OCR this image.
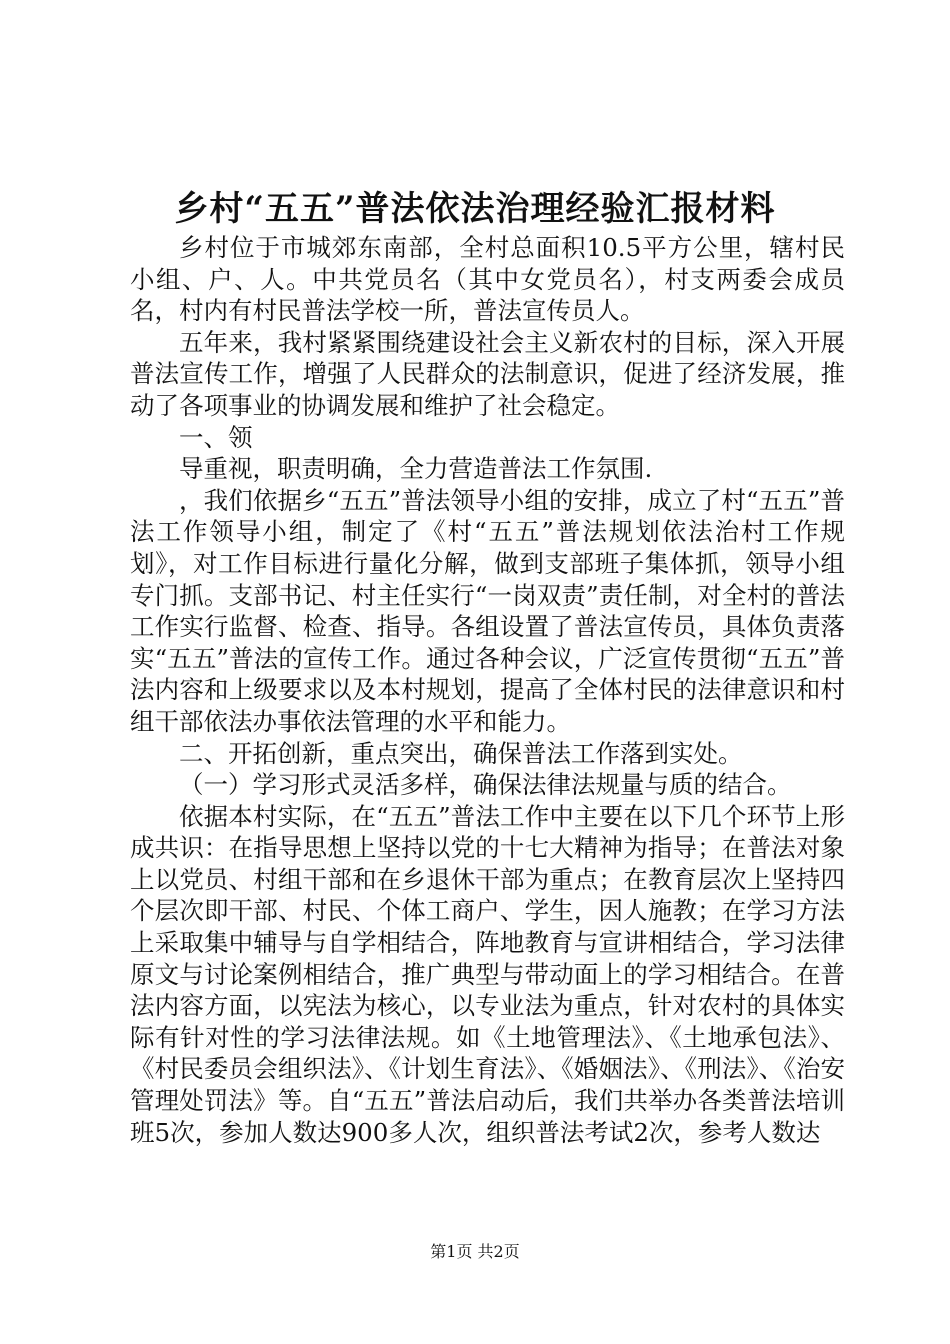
乡村“五五”普法依法治理经验汇报材料

乡村位于市城郊东南部，全村总面积10.5平方公里，辖村民小组、户、人。中共党员名（其中女党员名），村支两委会成员名，村内有村民普法学校一所，普法宣传员人。

五年来，我村紧紧围绕建设社会主义新农村的目标，深入开展普法宣传工作，增强了人民群众的法制意识，促进了经济发展，推动了各项事业的协调发展和维护了社会稳定。

一、领

导重视，职责明确，全力营造普法工作氛围.

，我们依据乡“五五”普法领导小组的安排，成立了村“五五”普法工作领导小组，制定了《村“五五”普法规划依法治村工作规划》，对工作目标进行量化分解，做到支部班子集体抓，领导小组专门抓。支部书记、村主任实行“一岗双责”责任制，对全村的普法工作实行监督、检查、指导。各组设置了普法宣传员，具体负责落实“五五”普法的宣传工作。通过各种会议，广泛宣传贯彻“五五”普法内容和上级要求以及本村规划，提高了全体村民的法律意识和村组干部依法办事依法管理的水平和能力。

二、开拓创新，重点突出，确保普法工作落到实处。

（一）学习形式灵活多样，确保法律法规量与质的结合。

依据本村实际，在“五五”普法工作中主要在以下几个环节上形成共识：在指导思想上坚持以党的十七大精神为指导；在普法对象上以党员、村组干部和在乡退休干部为重点；在教育层次上坚持四个层次即干部、村民、个体工商户、学生，因人施教；在学习方法上采取集中辅导与自学相结合，阵地教育与宣讲相结合，学习法律原文与讨论案例相结合，推广典型与带动面上的学习相结合。在普法内容方面，以宪法为核心，以专业法为重点，针对农村的具体实际有针对性的学习法律法规。如《土地管理法》、《土地承包法》、《村民委员会组织法》、《计划生育法》、《婚姻法》、《刑法》、《治安管理处罚法》等。自“五五”普法启动后，我们共举办各类普法培训班5次，参加人数达900多人次，组织普法考试2次，参考人数达

第1页 共2页
